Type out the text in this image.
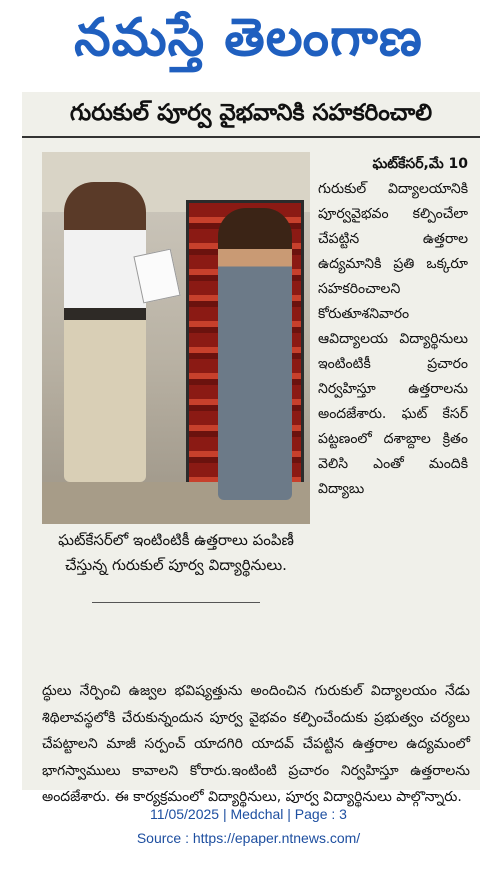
నమస్తే తెలంగాణ
గురుకుల్ పూర్వ వైభవానికి సహకరించాలి
ఘట్‌కేసర్‌లో ఇంటింటికీ ఉత్తరాలు పంపిణీ చేస్తున్న గురుకుల్ పూర్వ విద్యార్థినులు.
ఘట్‌కేసర్,మే 10
గురుకుల్ విద్యాలయానికి పూర్వవైభవం కల్పించేలా చేపట్టిన ఉత్తరాల ఉద్యమానికి ప్రతి ఒక్కరూ సహకరించాలని కోరుతూశనివారం ఆవిద్యాలయ విద్యార్థినులు ఇంటింటికీ ప్రచారం నిర్వహిస్తూ ఉత్తరాలను అందజేశారు. ఘట్ కేసర్ పట్టణంలో దశాబ్దాల క్రితం వెలిసి ఎంతో మందికి విద్యాబు
ద్ధులు నేర్పించి ఉజ్వల భవిష్యత్తును అందించిన గురుకుల్ విద్యాలయం నేడు శిథిలావస్థలోకి చేరుకున్నందున పూర్వ వైభవం కల్పించేందుకు ప్రభుత్వం చర్యలు చేపట్టాలని మాజీ సర్పంచ్ యాదగిరి యాదవ్ చేపట్టిన ఉత్తరాల ఉద్యమంలో భాగస్వాములు కావాలని కోరారు.ఇంటింటి ప్రచారం నిర్వహిస్తూ ఉత్తరాలను అందజేశారు. ఈ కార్యక్రమంలో విద్యార్థినులు, పూర్వ విద్యార్థినులు పాల్గొన్నారు.
11/05/2025 | Medchal | Page : 3
Source : https://epaper.ntnews.com/
